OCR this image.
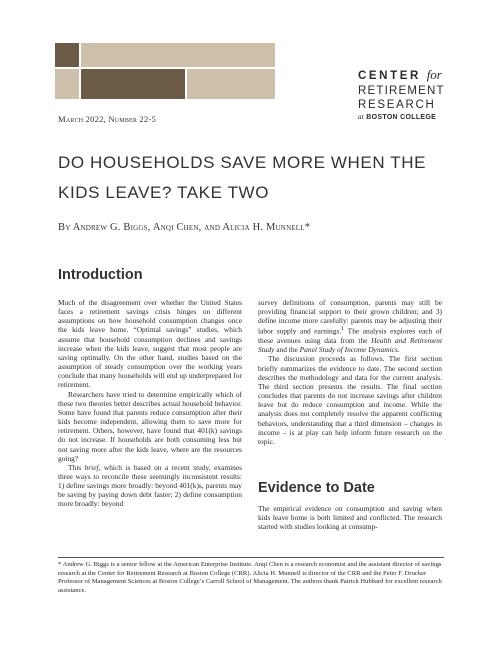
CENTER for
RETIREMENT
RESEARCH
at BOSTON COLLEGE
March 2022, Number 22-5
DO HOUSEHOLDS SAVE MORE WHEN THE
KIDS LEAVE? TAKE TWO
By Andrew G. Biggs, Anqi Chen, and Alicia H. Munnell*
Introduction

Much of the disagreement over whether the United States faces a retirement savings crisis hinges on different assumptions on how household consumption changes once the kids leave home. “Optimal savings” studies, which assume that household consumption declines and savings increase when the kids leave, suggest that most people are saving optimally. On the other hand, studies based on the assumption of steady consumption over the working years conclude that many households will end up underprepared for retirement.

Researchers have tried to determine empirically which of these two theories better describes actual household behavior. Some have found that parents reduce consumption after their kids become independent, allowing them to save more for retirement. Others, however, have found that 401(k) savings do not increase. If households are both consuming less but not saving more after the kids leave, where are the resources going?

This brief, which is based on a recent study, examines three ways to reconcile these seemingly inconsistent results: 1) define savings more broadly: beyond 401(k)s, parents may be saving by paying down debt faster; 2) define consumption more broadly: beyond

survey definitions of consumption, parents may still be providing financial support to their grown children; and 3) define income more carefully: parents may be adjusting their labor supply and earnings.$^1$ The analysis explores each of these avenues using data from the Health and Retirement Study and the Panel Study of Income Dynamics.

The discussion proceeds as follows. The first section briefly summarizes the evidence to date. The second section describes the methodology and data for the current analysis. The third section presents the results. The final section concludes that parents do not increase savings after children leave but do reduce consumption and income. While the analysis does not completely resolve the apparent conflicting behaviors, understanding that a third dimension – changes in income – is at play can help inform future research on the topic.

Evidence to Date

The empirical evidence on consumption and saving when kids leave home is both limited and conflicted. The research started with studies looking at consump-

* Andrew G. Biggs is a senior fellow at the American Enterprise Institute. Anqi Chen is a research economist and the assistant director of savings research at the Center for Retirement Research at Boston College (CRR). Alicia H. Munnell is director of the CRR and the Peter F. Drucker Professor of Management Sciences at Boston College’s Carroll School of Management. The authors thank Patrick Hubbard for excellent research assistance.
